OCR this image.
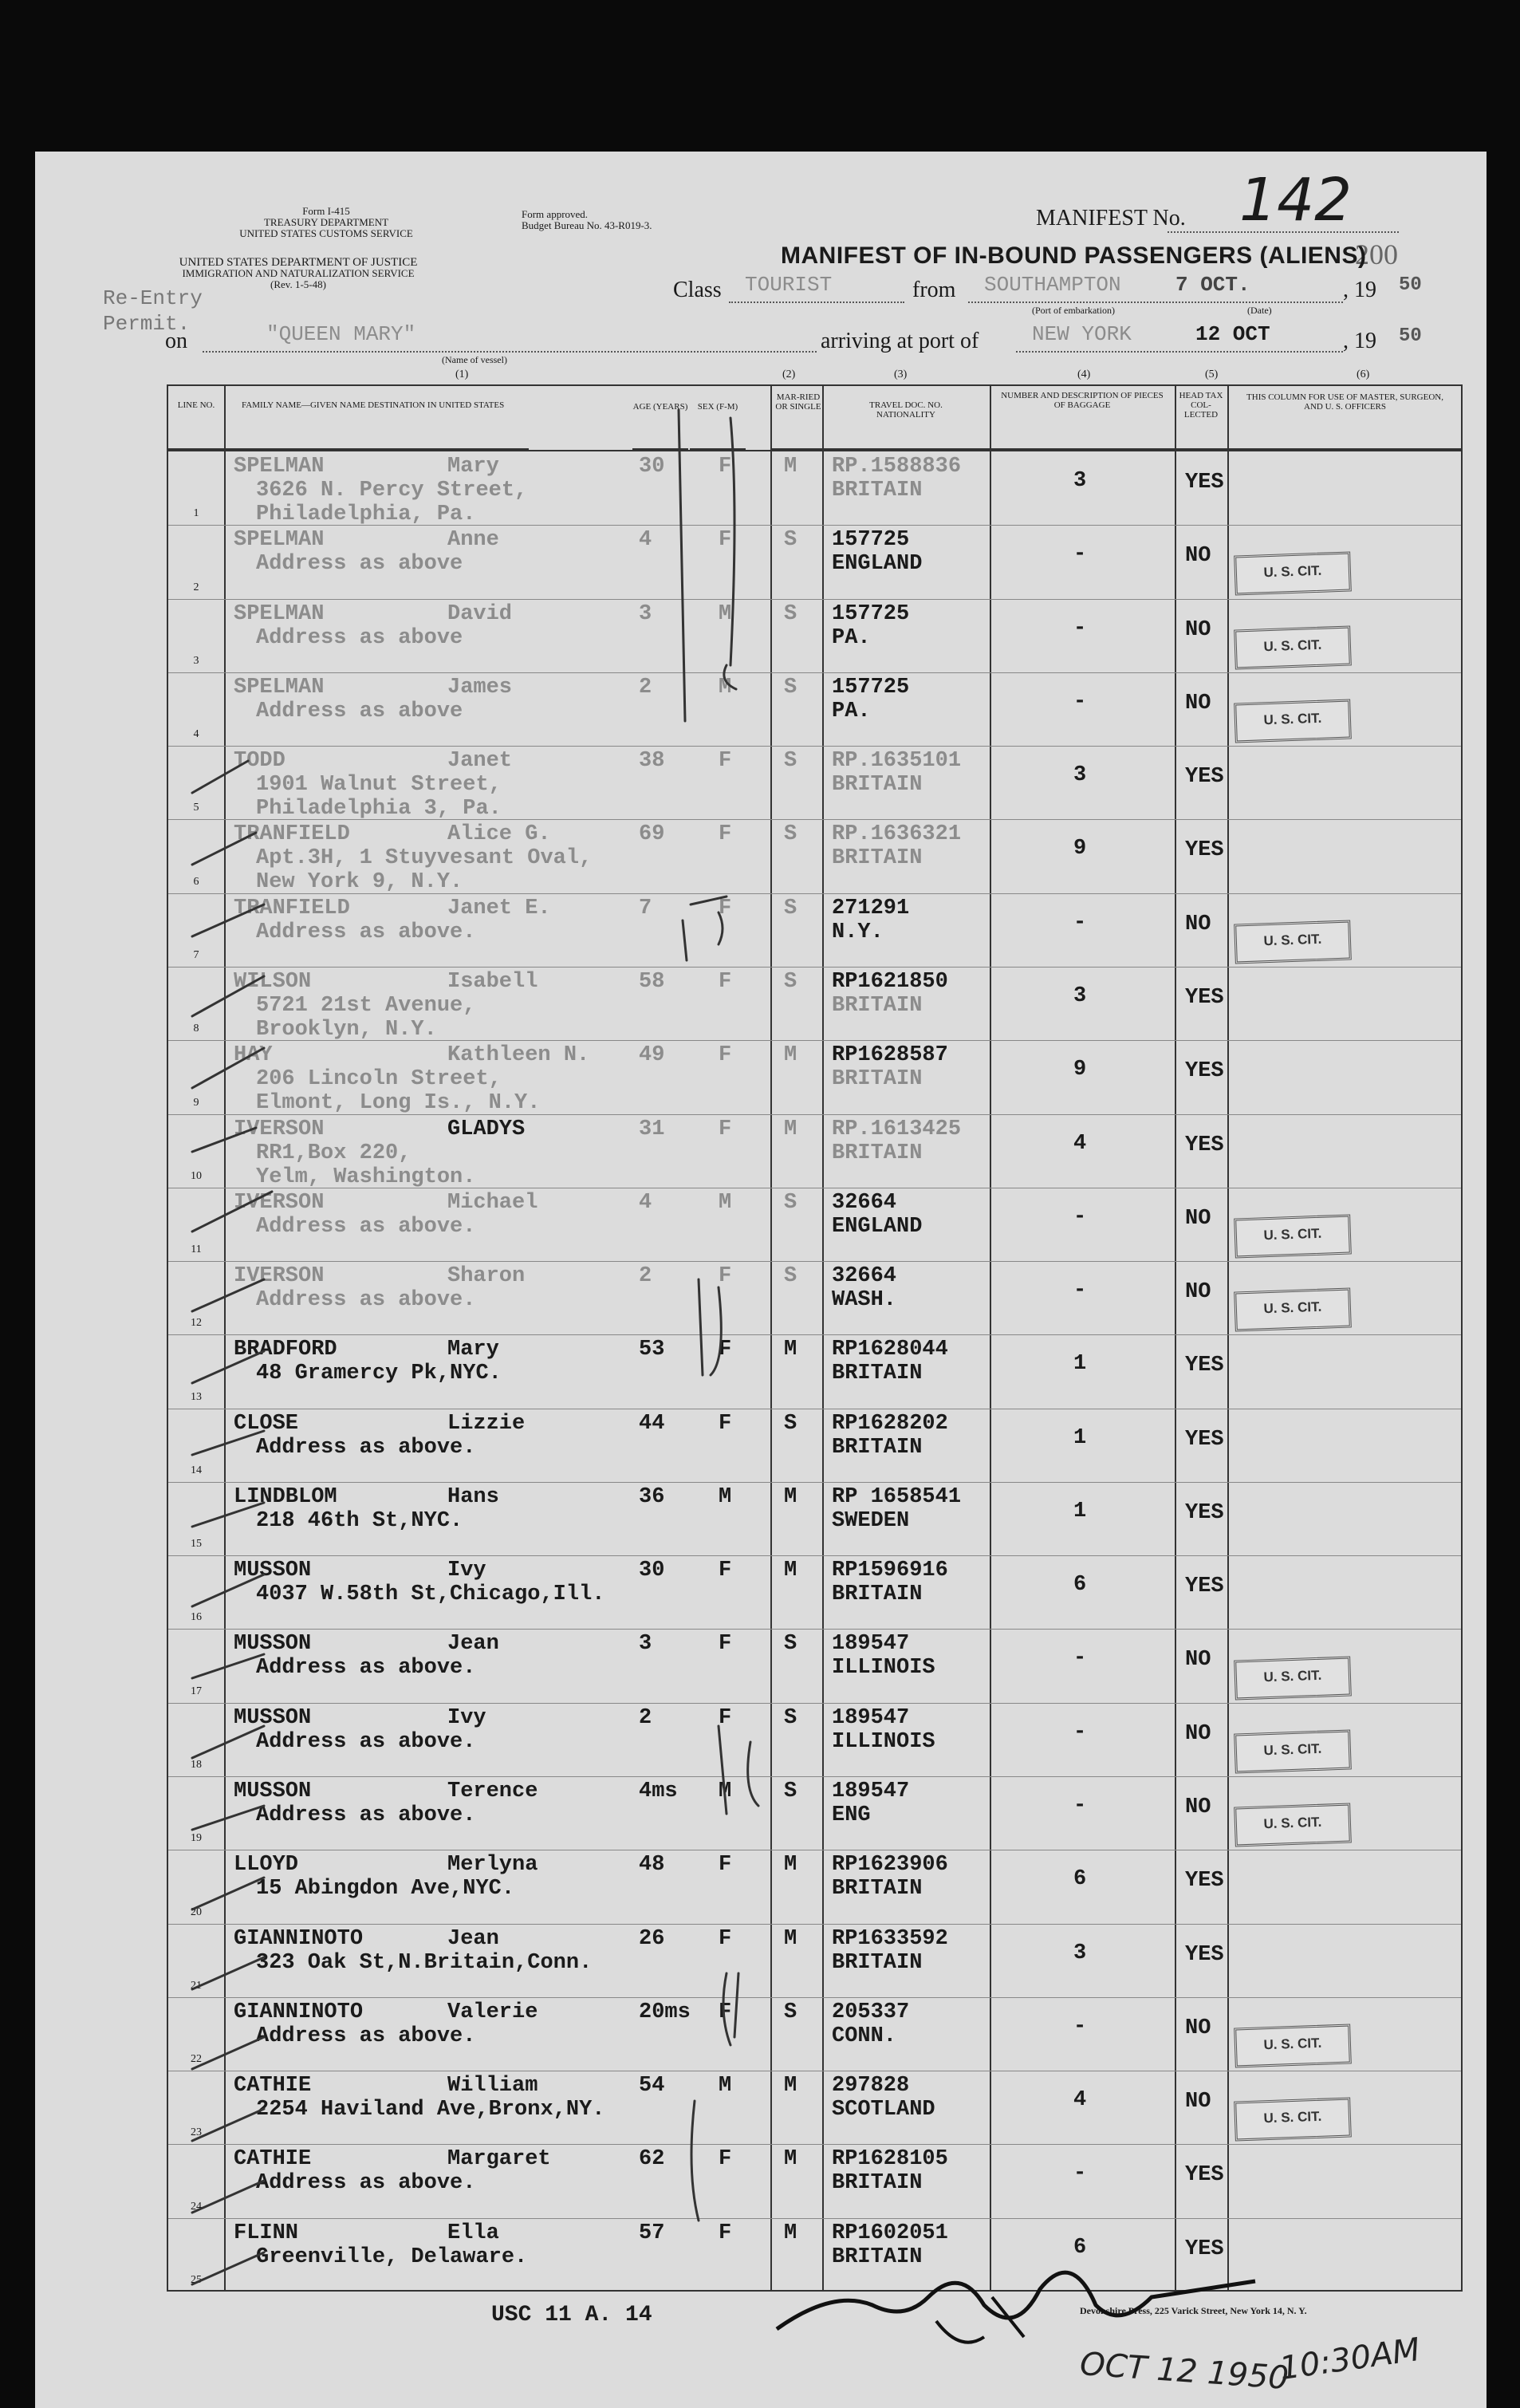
Form I-415
TREASURY DEPARTMENT
UNITED STATES CUSTOMS SERVICE
Form approved.
Budget Bureau No. 43-R019-3.
UNITED STATES DEPARTMENT OF JUSTICE
IMMIGRATION AND NATURALIZATION SERVICE
(Rev. 1-5-48)
MANIFEST No. 142
200
MANIFEST OF IN-BOUND PASSENGERS (ALIENS)
Re-Entry Permit.
Class TOURIST	from SOUTHAMPTON	7 OCT.	, 19 50
(Port of embarkation)	(Date)
on	"QUEEN MARY"
(Name of vessel)
arriving at port of	NEW YORK	12 OCT	, 19 50
(1)	(2)	(3)	(4)	(5)	(6)
LINE NO.	FAMILY NAME—GIVEN NAME DESTINATION IN UNITED STATES	AGE (YEARS)	SEX (F-M)
MAR-RIED OR SINGLE	TRAVEL DOC. NO. NATIONALITY
NUMBER AND DESCRIPTION OF PIECES OF BAGGAGE
HEAD TAX COL-LECTED
THIS COLUMN FOR USE OF MASTER, SURGEON, AND U. S. OFFICERS
1
SPELMAN	Mary
3626 N. Percy Street,
Philadelphia, Pa.
30	F M RP.1588836
BRITAIN	3	YES
2
SPELMAN	Anne
Address as above
4	F S 157725
ENGLAND	-	NO
U. S. CIT.
3
SPELMAN	David
Address as above
3	M S 157725
PA.	-	NO
U. S. CIT.
4
SPELMAN	James
Address as above
2	M S 157725
PA.	-	NO
U. S. CIT.
5
TODD	Janet
1901 Walnut Street,
Philadelphia 3, Pa.
38	F S RP.1635101
BRITAIN	3	YES
6
TRANFIELD	Alice G.
Apt.3H, 1 Stuyvesant Oval,
New York 9, N.Y.
69	F S RP.1636321
BRITAIN	9	YES
7
TRANFIELD	Janet E.
Address as above.
7	F S 271291
N.Y.	-	NO
U. S. CIT.
8
WILSON	Isabell
5721 21st Avenue,
Brooklyn, N.Y.
58	F S RP1621850
BRITAIN	3	YES
9
HAY	Kathleen N.
206 Lincoln Street,
Elmont, Long Is., N.Y.
49	F M RP1628587
BRITAIN	9	YES
10
IVERSON	GLADYS
RR1,Box 220,
Yelm, Washington.
31	F M RP.1613425
BRITAIN	4	YES
11
IVERSON	Michael
Address as above.
4	M S 32664
ENGLAND	-	NO
U. S. CIT.
12
IVERSON	Sharon
Address as above.
2	F S 32664
WASH.	-	NO
U. S. CIT.
13
BRADFORD	Mary
48 Gramercy Pk,NYC.
53	F M RP1628044
BRITAIN	1	YES
14
CLOSE	Lizzie
Address as above.
44	F S RP1628202
BRITAIN	1	YES
15
LINDBLOM	Hans
218 46th St,NYC.
36	M M RP 1658541
SWEDEN	1	YES
16
MUSSON	Ivy
4037 W.58th St,Chicago,Ill.
30	F M RP1596916
BRITAIN	6	YES
17
MUSSON	Jean
Address as above.
3	F S 189547
ILLINOIS	-	NO
U. S. CIT.
18
MUSSON	Ivy
Address as above.
2	F S 189547
ILLINOIS	-	NO
U. S. CIT.
19
MUSSON	Terence
Address as above.
4ms M S 189547
ENG	-	NO
U. S. CIT.
20
LLOYD	Merlyna
15 Abingdon Ave,NYC.
48	F M RP1623906
BRITAIN	6	YES
21
GIANNINOTO	Jean
323 Oak St,N.Britain,Conn.
26	F M RP1633592
BRITAIN	3	YES
22
GIANNINOTO	Valerie
Address as above.
20ms F S 205337
CONN.	-	NO
U. S. CIT.
23
CATHIE	William
2254 Haviland Ave,Bronx,NY.
54	M M 297828
SCOTLAND	4	NO
U. S. CIT.
24
CATHIE	Margaret
Address as above.
62	F M RP1628105
BRITAIN	-	YES
25
FLINN	Ella
Greenville, Delaware.
57	F M RP1602051
BRITAIN	6	YES
USC 11 A. 14	Devonshire Press, 225 Varick Street, New York 14, N. Y.
OCT 12 1950
10:30AM
